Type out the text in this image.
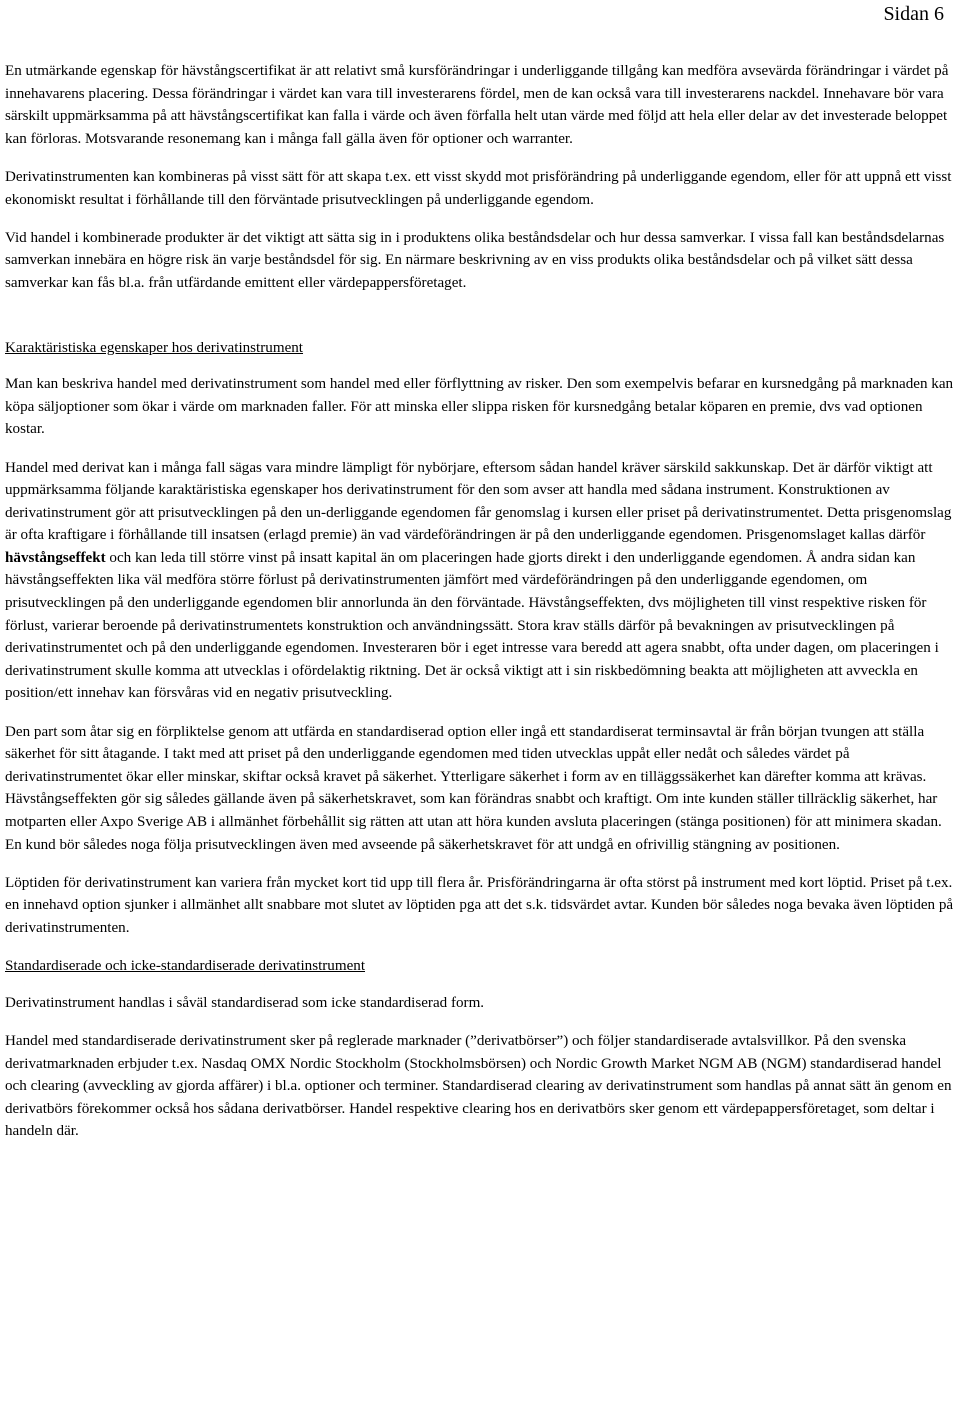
Sidan 6

En utmärkande egenskap för hävstångscertifikat är att relativt små kursförändringar i underliggande tillgång kan medföra avsevärda förändringar i värdet på innehavarens placering. Dessa förändringar i värdet kan vara till investerarens fördel, men de kan också vara till investerarens nackdel. Innehavare bör vara särskilt uppmärksamma på att hävstångscertifikat kan falla i värde och även förfalla helt utan värde med följd att hela eller delar av det investerade beloppet kan förloras. Motsvarande resonemang kan i många fall gälla även för optioner och warranter.

Derivatinstrumenten kan kombineras på visst sätt för att skapa t.ex. ett visst skydd mot prisförändring på underliggande egendom, eller för att uppnå ett visst ekonomiskt resultat i förhållande till den förväntade prisutvecklingen på underliggande egendom.

Vid handel i kombinerade produkter är det viktigt att sätta sig in i produktens olika beståndsdelar och hur dessa samverkar. I vissa fall kan beståndsdelarnas samverkan innebära en högre risk än varje beståndsdel för sig. En närmare beskrivning av en viss produkts olika beståndsdelar och på vilket sätt dessa samverkar kan fås bl.a. från utfärdande emittent eller värdepappersföretaget.

Karaktäristiska egenskaper hos derivatinstrument

Man kan beskriva handel med derivatinstrument som handel med eller förflyttning av risker. Den som exempelvis befarar en kursnedgång på marknaden kan köpa säljoptioner som ökar i värde om marknaden faller. För att minska eller slippa risken för kursnedgång betalar köparen en premie, dvs vad optionen kostar.

Handel med derivat kan i många fall sägas vara mindre lämpligt för nybörjare, eftersom sådan handel kräver särskild sakkunskap. Det är därför viktigt att uppmärksamma följande karaktäristiska egenskaper hos derivatinstrument för den som avser att handla med sådana instrument. Konstruktionen av derivatinstrument gör att prisutvecklingen på den un-derliggande egendomen får genomslag i kursen eller priset på derivatinstrumentet. Detta prisgenomslag är ofta kraftigare i förhållande till insatsen (erlagd premie) än vad värdeförändringen är på den underliggande egendomen. Prisgenomslaget kallas därför hävstångseffekt och kan leda till större vinst på insatt kapital än om placeringen hade gjorts direkt i den underliggande egendomen. Å andra sidan kan hävstångseffekten lika väl medföra större förlust på derivatinstrumenten jämfört med värdeförändringen på den underliggande egendomen, om prisutvecklingen på den underliggande egendomen blir annorlunda än den förväntade. Hävstångseffekten, dvs möjligheten till vinst respektive risken för förlust, varierar beroende på derivatinstrumentets konstruktion och användningssätt. Stora krav ställs därför på bevakningen av prisutvecklingen på derivatinstrumentet och på den underliggande egendomen. Investeraren bör i eget intresse vara beredd att agera snabbt, ofta under dagen, om placeringen i derivatinstrument skulle komma att utvecklas i ofördelaktig riktning. Det är också viktigt att i sin riskbedömning beakta att möjligheten att avveckla en position/ett innehav kan försvåras vid en negativ prisutveckling.

Den part som åtar sig en förpliktelse genom att utfärda en standardiserad option eller ingå ett standardiserat terminsavtal är från början tvungen att ställa säkerhet för sitt åtagande. I takt med att priset på den underliggande egendomen med tiden utvecklas uppåt eller nedåt och således värdet på derivatinstrumentet ökar eller minskar, skiftar också kravet på säkerhet. Ytterligare säkerhet i form av en tilläggssäkerhet kan därefter komma att krävas. Hävstångseffekten gör sig således gällande även på säkerhetskravet, som kan förändras snabbt och kraftigt. Om inte kunden ställer tillräcklig säkerhet, har motparten eller Axpo Sverige AB i allmänhet förbehållit sig rätten att utan att höra kunden avsluta placeringen (stänga positionen) för att minimera skadan. En kund bör således noga följa prisutvecklingen även med avseende på säkerhetskravet för att undgå en ofrivillig stängning av positionen.

Löptiden för derivatinstrument kan variera från mycket kort tid upp till flera år. Prisförändringarna är ofta störst på instrument med kort löptid. Priset på t.ex. en innehavd option sjunker i allmänhet allt snabbare mot slutet av löptiden pga att det s.k. tidsvärdet avtar. Kunden bör således noga bevaka även löptiden på derivatinstrumenten.

Standardiserade och icke-standardiserade derivatinstrument

Derivatinstrument handlas i såväl standardiserad som icke standardiserad form.

Handel med standardiserade derivatinstrument sker på reglerade marknader (”derivatbörser”) och följer standardiserade avtalsvillkor. På den svenska derivatmarknaden erbjuder t.ex. Nasdaq OMX Nordic Stockholm (Stockholmsbörsen) och Nordic Growth Market NGM AB (NGM) standardiserad handel och clearing (avveckling av gjorda affärer) i bl.a. optioner och terminer. Standardiserad clearing av derivatinstrument som handlas på annat sätt än genom en derivatbörs förekommer också hos sådana derivatbörser. Handel respektive clearing hos en derivatbörs sker genom ett värdepappersföretaget, som deltar i handeln där.
